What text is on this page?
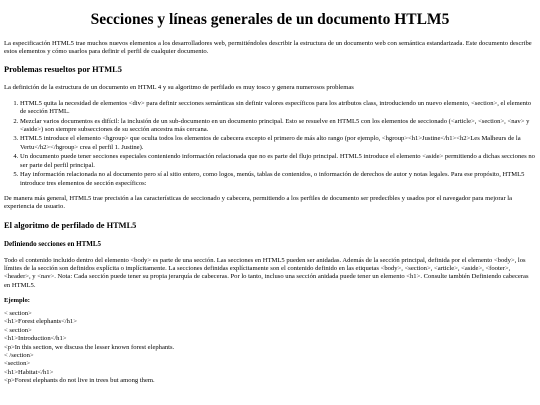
Secciones y líneas generales de un documento HTLM5

La especificación HTML5 trae muchos nuevos elementos a los desarrolladores web, permitiéndoles describir la estructura de un documento web con semántica estandarizada. Este documento describe estos elementos y cómo usarlos para definir el perfil de cualquier documento.

Problemas resueltos por HTML5

La definición de la estructura de un documento en HTML 4 y su algoritmo de perfilado es muy tosco y genera numerosos problemas

1. HTML5 quita la necesidad de elementos <div> para definir secciones semánticas sin definir valores específicos para los atributos class, introduciendo un nuevo elemento, <section>, el elemento de sección HTML.
2. Mezclar varios documentos es difícil: la inclusión de un sub-documento en un documento principal. Esto se resuelve en HTML5 con los elementos de seccionado (<article>, <section>, <nav> y <aside>) son siempre subsecciones de su sección ancestra más cercana.
3. HTML5 introduce el elemento <hgroup> que oculta todos los elementos de cabecera excepto el primero de más alto rango (por ejemplo, <hgroup><h1>Justine</h1><h2>Les Malheurs de la Vertu</h2></hgroup> crea el perfil 1. Justine).
4. Un documento puede tener secciones especiales conteniendo información relacionada que no es parte del flujo principal. HTML5 introduce el elemento <aside> permitiendo a dichas secciones no ser parte del perfil principal.
5. Hay información relacionada no al documento pero sí al sitio entero, como logos, menús, tablas de contenidos, o información de derechos de autor y notas legales. Para ese propósito, HTML5 introduce tres elementos de sección específicos:

De manera más general, HTML5 trae precisión a las características de seccionado y cabecera, permitiendo a los perfiles de documento ser predecibles y usados por el navegador para mejorar la experiencia de usuario.

El algoritmo de perfilado de HTML5
Definiendo secciones en HTML5

Todo el contenido incluido dentro del elemento <body> es parte de una sección. Las secciones en HTML5 pueden ser anidadas. Además de la sección principal, definida por el elemento <body>, los límites de la sección son definidos explícita o implícitamente. La secciones definidas explícitamente son el contenido definido en las etiquetas <body>, <section>, <article>, <aside>, <footer>, <header>, y <nav>. Nota: Cada sección puede tener su propia jerarquía de cabeceras. Por lo tanto, incluso una sección anidada puede tener un elemento <h1>. Consulte también Definiendo cabeceras en HTML5.

Ejemplo:
< section>
<h1>Forest elephants</h1>
< section>
<h1>Introduction</h1>
<p>In this section, we discuss the lesser known forest elephants.
< /section>
<section>
<h1>Habitat</h1>
<p>Forest elephants do not live in trees but among them.
